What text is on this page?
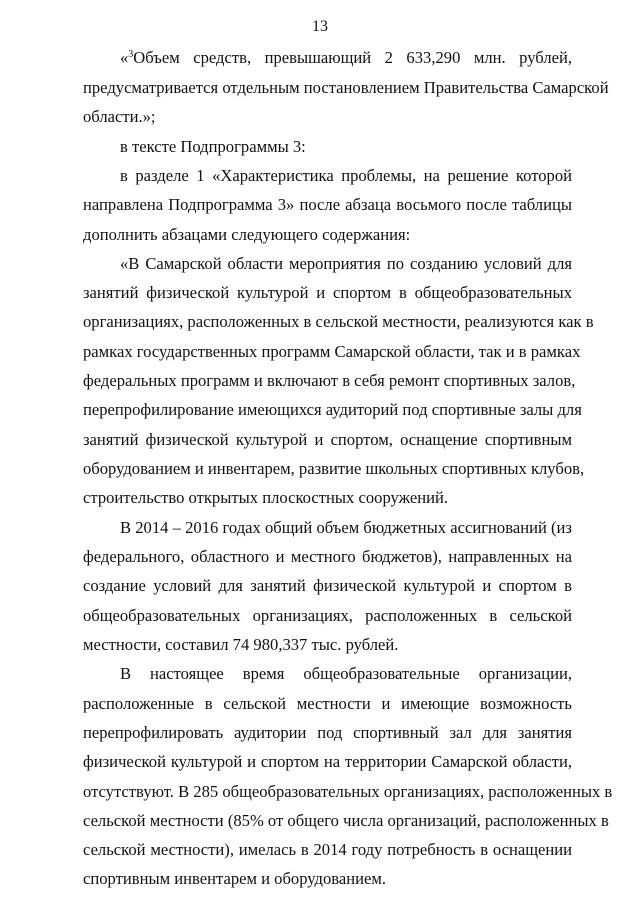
13
«$^3$Объем средств, превышающий 2 633,290 млн. рублей,
предусматривается отдельным постановлением Правительства Самарской
области.»;
в тексте Подпрограммы 3:
в разделе 1 «Характеристика проблемы, на решение которой
направлена Подпрограмма 3» после абзаца восьмого после таблицы
дополнить абзацами следующего содержания:
«В Самарской области мероприятия по созданию условий для
занятий физической культурой и спортом в общеобразовательных
организациях, расположенных в сельской местности, реализуются как в
рамках государственных программ Самарской области, так и в рамках
федеральных программ и включают в себя ремонт спортивных залов,
перепрофилирование имеющихся аудиторий под спортивные залы для
занятий физической культурой и спортом, оснащение спортивным
оборудованием и инвентарем, развитие школьных спортивных клубов,
строительство открытых плоскостных сооружений.
В 2014 – 2016 годах общий объем бюджетных ассигнований (из
федерального, областного и местного бюджетов), направленных на
создание условий для занятий физической культурой и спортом в
общеобразовательных организациях, расположенных в сельской
местности, составил 74 980,337 тыс. рублей.
В настоящее время общеобразовательные организации,
расположенные в сельской местности и имеющие возможность
перепрофилировать аудитории под спортивный зал для занятия
физической культурой и спортом на территории Самарской области,
отсутствуют. В 285 общеобразовательных организациях, расположенных в
сельской местности (85% от общего числа организаций, расположенных в
сельской местности), имелась в 2014 году потребность в оснащении
спортивным инвентарем и оборудованием.
